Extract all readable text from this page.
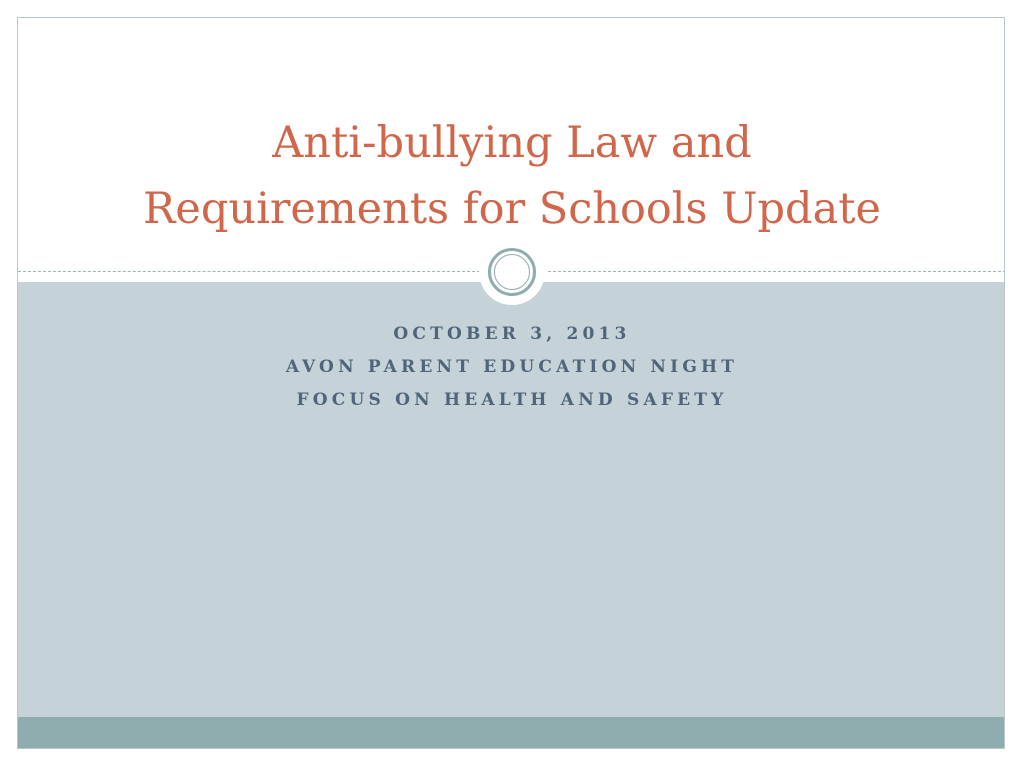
Anti-bullying Law and
Requirements for Schools Update
OCTOBER 3, 2013
AVON PARENT EDUCATION NIGHT
FOCUS ON HEALTH AND SAFETY
